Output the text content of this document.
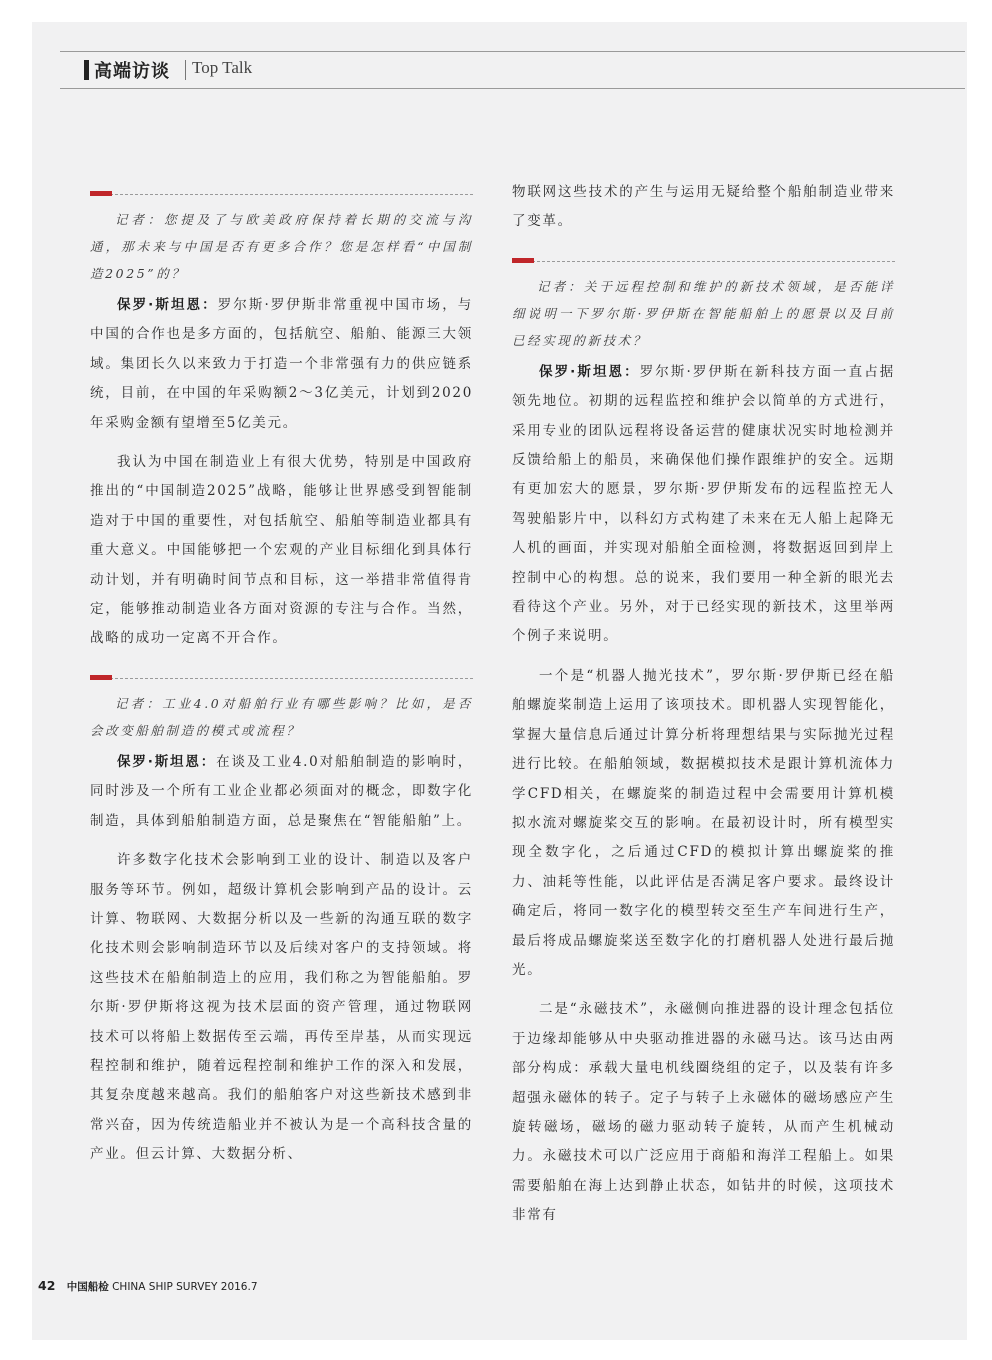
高端访谈 Top Talk
记者：您提及了与欧美政府保持着长期的交流与沟通，那未来与中国是否有更多合作？您是怎样看“中国制造2025”的？

保罗·斯坦恩：罗尔斯·罗伊斯非常重视中国市场，与中国的合作也是多方面的，包括航空、船舶、能源三大领域。集团长久以来致力于打造一个非常强有力的供应链系统，目前，在中国的年采购额2～3亿美元，计划到2020年采购金额有望增至5亿美元。

我认为中国在制造业上有很大优势，特别是中国政府推出的“中国制造2025”战略，能够让世界感受到智能制造对于中国的重要性，对包括航空、船舶等制造业都具有重大意义。中国能够把一个宏观的产业目标细化到具体行动计划，并有明确时间节点和目标，这一举措非常值得肯定，能够推动制造业各方面对资源的专注与合作。当然，战略的成功一定离不开合作。

记者：工业4.0对船舶行业有哪些影响？比如，是否会改变船舶制造的模式或流程？

保罗·斯坦恩：在谈及工业4.0对船舶制造的影响时，同时涉及一个所有工业企业都必须面对的概念，即数字化制造，具体到船舶制造方面，总是聚焦在“智能船舶”上。

许多数字化技术会影响到工业的设计、制造以及客户服务等环节。例如，超级计算机会影响到产品的设计。云计算、物联网、大数据分析以及一些新的沟通互联的数字化技术则会影响制造环节以及后续对客户的支持领域。将这些技术在船舶制造上的应用，我们称之为智能船舶。罗尔斯·罗伊斯将这视为技术层面的资产管理，通过物联网技术可以将船上数据传至云端，再传至岸基，从而实现远程控制和维护，随着远程控制和维护工作的深入和发展，其复杂度越来越高。我们的船舶客户对这些新技术感到非常兴奋，因为传统造船业并不被认为是一个高科技含量的产业。但云计算、大数据分析、

物联网这些技术的产生与运用无疑给整个船舶制造业带来了变革。

记者：关于远程控制和维护的新技术领域，是否能详细说明一下罗尔斯·罗伊斯在智能船舶上的愿景以及目前已经实现的新技术？

保罗·斯坦恩：罗尔斯·罗伊斯在新科技方面一直占据领先地位。初期的远程监控和维护会以简单的方式进行，采用专业的团队远程将设备运营的健康状况实时地检测并反馈给船上的船员，来确保他们操作跟维护的安全。远期有更加宏大的愿景，罗尔斯·罗伊斯发布的远程监控无人驾驶船影片中，以科幻方式构建了未来在无人船上起降无人机的画面，并实现对船舶全面检测，将数据返回到岸上控制中心的构想。总的说来，我们要用一种全新的眼光去看待这个产业。另外，对于已经实现的新技术，这里举两个例子来说明。

一个是“机器人抛光技术”，罗尔斯·罗伊斯已经在船舶螺旋桨制造上运用了该项技术。即机器人实现智能化，掌握大量信息后通过计算分析将理想结果与实际抛光过程进行比较。在船舶领域，数据模拟技术是跟计算机流体力学CFD相关，在螺旋桨的制造过程中会需要用计算机模拟水流对螺旋桨交互的影响。在最初设计时，所有模型实现全数字化，之后通过CFD的模拟计算出螺旋桨的推力、油耗等性能，以此评估是否满足客户要求。最终设计确定后，将同一数字化的模型转交至生产车间进行生产，最后将成品螺旋桨送至数字化的打磨机器人处进行最后抛光。

二是“永磁技术”，永磁侧向推进器的设计理念包括位于边缘却能够从中央驱动推进器的永磁马达。该马达由两部分构成：承载大量电机线圈绕组的定子，以及装有许多超强永磁体的转子。定子与转子上永磁体的磁场感应产生旋转磁场，磁场的磁力驱动转子旋转，从而产生机械动力。永磁技术可以广泛应用于商船和海洋工程船上。如果需要船舶在海上达到静止状态，如钻井的时候，这项技术非常有

42 中国船检 CHINA SHIP SURVEY 2016.7
